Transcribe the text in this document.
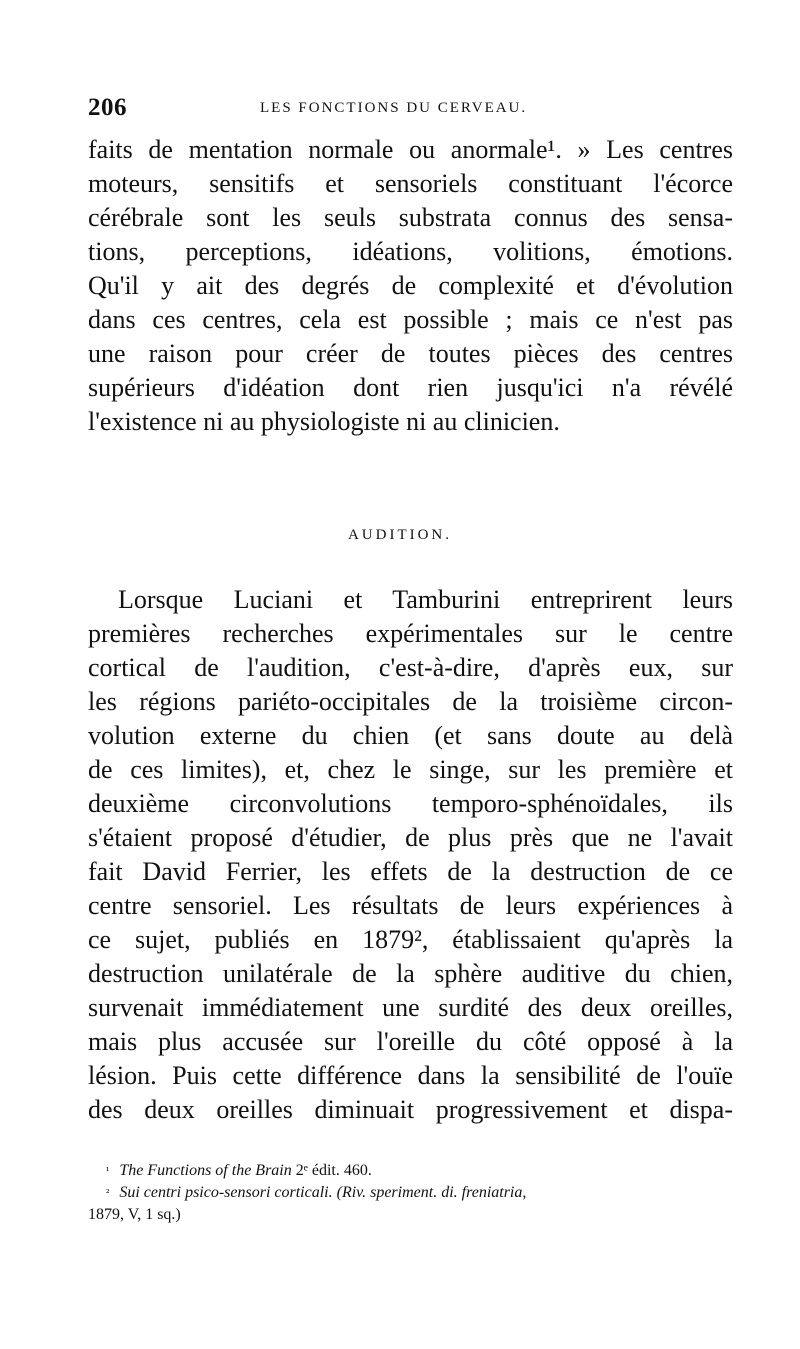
206	LES FONCTIONS DU CERVEAU.
faits de mentation normale ou anormale¹. » Les centres
moteurs, sensitifs et sensoriels constituant l'écorce
cérébrale sont les seuls substrata connus des sensa-
tions, perceptions, idéations, volitions, émotions.
Qu'il y ait des degrés de complexité et d'évolution
dans ces centres, cela est possible ; mais ce n'est pas
une raison pour créer de toutes pièces des centres
supérieurs d'idéation dont rien jusqu'ici n'a révélé
l'existence ni au physiologiste ni au clinicien.
AUDITION.
Lorsque Luciani et Tamburini entreprirent leurs
premières recherches expérimentales sur le centre
cortical de l'audition, c'est-à-dire, d'après eux, sur
les régions pariéto-occipitales de la troisième circon-
volution externe du chien (et sans doute au delà
de ces limites), et, chez le singe, sur les première et
deuxième circonvolutions temporo-sphénoïdales, ils
s'étaient proposé d'étudier, de plus près que ne l'avait
fait David Ferrier, les effets de la destruction de ce
centre sensoriel. Les résultats de leurs expériences à
ce sujet, publiés en 1879², établissaient qu'après la
destruction unilatérale de la sphère auditive du chien,
survenait immédiatement une surdité des deux oreilles,
mais plus accusée sur l'oreille du côté opposé à la
lésion. Puis cette différence dans la sensibilité de l'ouïe
des deux oreilles diminuait progressivement et dispa-
$^{^1}$ The Functions of the Brain 2ᵉ édit. 460.
$^{^2}$ Sui centri psico-sensori corticali. (Riv. speriment. di. freniatria,
1879, V, 1 sq.)
